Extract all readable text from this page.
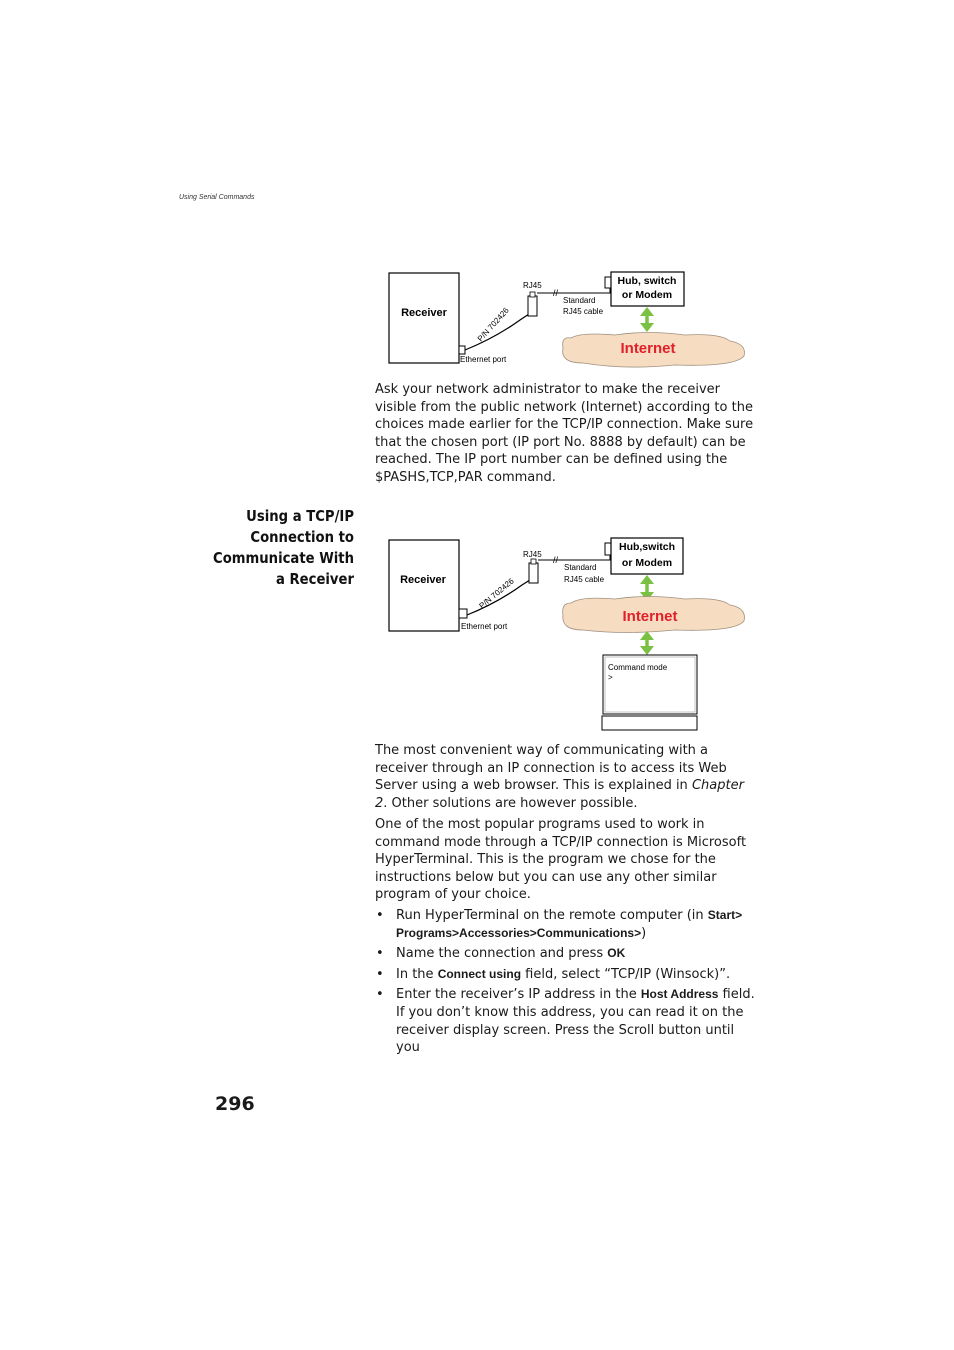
Using Serial Commands
Receiver
Ethernet port
P/N 702426
RJ45
//
Standard
RJ45 cable
Hub, switch
or Modem
Internet

Ask your network administrator to make the receiver visible from the public network (Internet) according to the choices made earlier for the TCP/IP connection. Make sure that the chosen port (IP port No. 8888 by default) can be reached. The IP port number can be defined using the $PASHS,TCP,PAR command.

Using a TCP/IP
Connection to
Communicate With
a Receiver	Receiver
Ethernet port
P/N 702426
RJ45
//
Standard
RJ45 cable
Hub,switch
or Modem
Internet
Command mode
>

The most convenient way of communicating with a receiver through an IP connection is to access its Web Server using a web browser. This is explained in Chapter 2. Other solutions are however possible.

One of the most popular programs used to work in command mode through a TCP/IP connection is Microsoft HyperTerminal. This is the program we chose for the instructions below but you can use any other similar program of your choice.

• Run HyperTerminal on the remote computer (in Start> Programs>Accessories>Communications>)
• Name the connection and press OK
• In the Connect using field, select “TCP/IP (Winsock)”.
• Enter the receiver’s IP address in the Host Address field. If you don’t know this address, you can read it on the receiver display screen. Press the Scroll button until you
296
